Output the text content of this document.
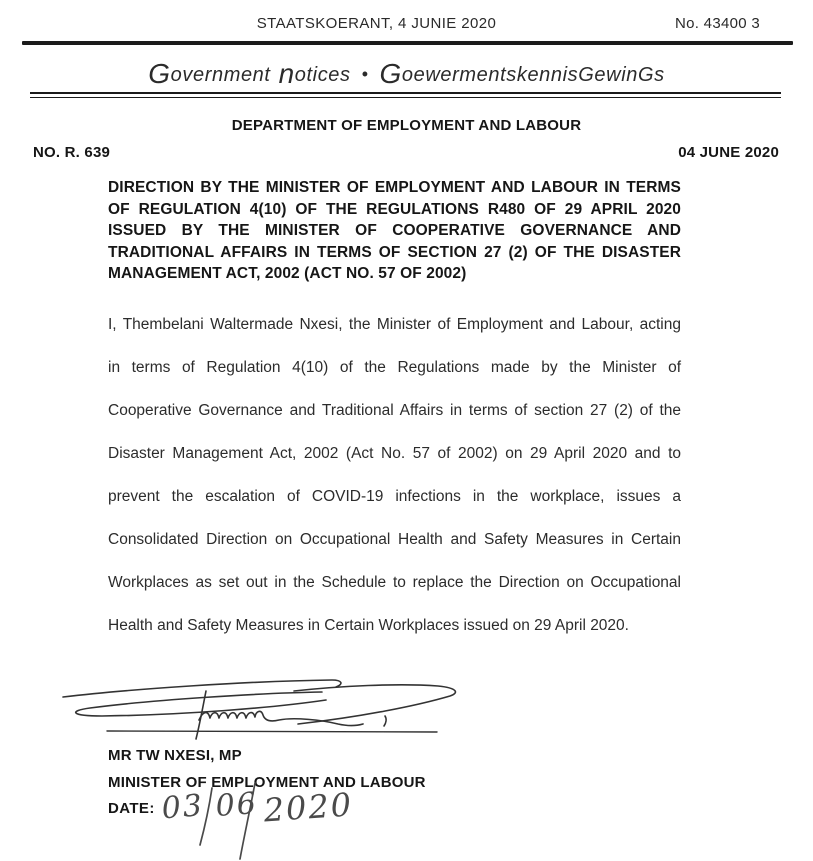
STAATSKOERANT, 4 JUNIE 2020	No. 43400 3
Government notices • GoewermentskennisGewinGs
DEPARTMENT OF EMPLOYMENT AND LABOUR
NO. R. 639	04 JUNE 2020
DIRECTION BY THE MINISTER OF EMPLOYMENT AND LABOUR IN TERMS
OF REGULATION 4(10) OF THE REGULATIONS R480 OF 29 APRIL 2020
ISSUED BY THE MINISTER OF COOPERATIVE GOVERNANCE AND
TRADITIONAL AFFAIRS IN TERMS OF SECTION 27 (2) OF THE DISASTER
MANAGEMENT ACT, 2002 (ACT NO. 57 OF 2002)
I, Thembelani Waltermade Nxesi, the Minister of Employment and Labour, acting
in terms of Regulation 4(10) of the Regulations made by the Minister of
Cooperative Governance and Traditional Affairs in terms of section 27 (2) of the
Disaster Management Act, 2002 (Act No. 57 of 2002) on 29 April 2020 and to
prevent the escalation of COVID-19 infections in the workplace, issues a
Consolidated Direction on Occupational Health and Safety Measures in Certain
Workplaces as set out in the Schedule to replace the Direction on Occupational
Health and Safety Measures in Certain Workplaces issued on 29 April 2020.
MR TW NXESI, MP
MINISTER OF EMPLOYMENT AND LABOUR
DATE: 03 06 2020
